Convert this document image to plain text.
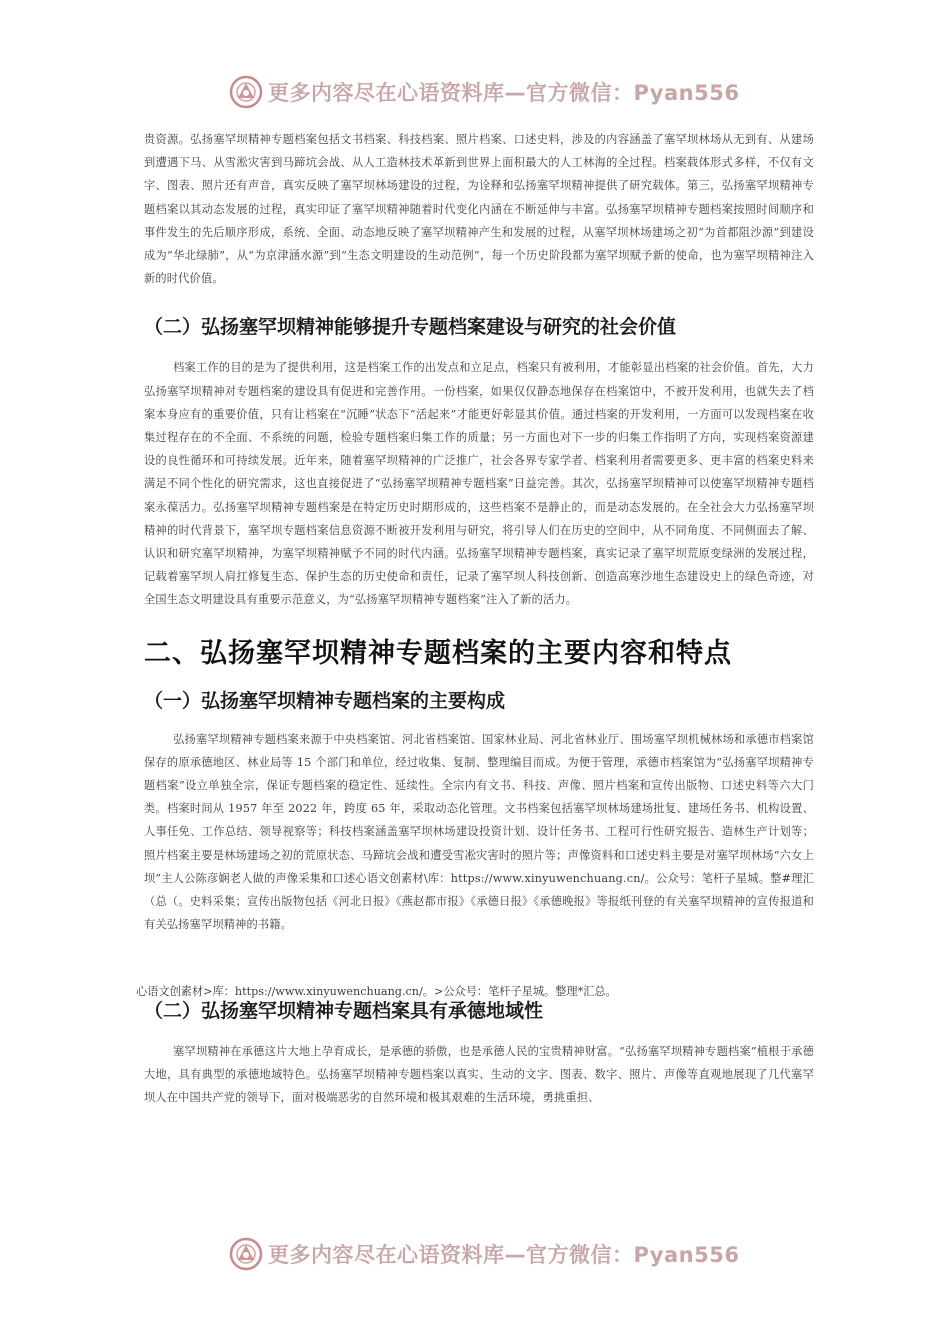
更多内容尽在心语资料库—官方微信：Pyan556

贵资源。弘扬塞罕坝精神专题档案包括文书档案、科技档案、照片档案、口述史料，涉及的内容涵盖了塞罕坝林场从无到有、从建场到遭遇下马、从雪淞灾害到马蹄坑会战、从人工造林技术革新到世界上面积最大的人工林海的全过程。档案载体形式多样，不仅有文字、图表、照片还有声音，真实反映了塞罕坝林场建设的过程，为诠释和弘扬塞罕坝精神提供了研究载体。第三，弘扬塞罕坝精神专题档案以其动态发展的过程，真实印证了塞罕坝精神随着时代变化内涵在不断延伸与丰富。弘扬塞罕坝精神专题档案按照时间顺序和事件发生的先后顺序形成，系统、全面、动态地反映了塞罕坝精神产生和发展的过程，从塞罕坝林场建场之初“为首都阻沙源”到建设成为“华北绿肺”，从“为京津涵水源”到“生态文明建设的生动范例”，每一个历史阶段都为塞罕坝赋予新的使命，也为塞罕坝精神注入新的时代价值。

（二）弘扬塞罕坝精神能够提升专题档案建设与研究的社会价值

档案工作的目的是为了提供利用，这是档案工作的出发点和立足点，档案只有被利用，才能彰显出档案的社会价值。首先，大力弘扬塞罕坝精神对专题档案的建设具有促进和完善作用。一份档案，如果仅仅静态地保存在档案馆中，不被开发利用，也就失去了档案本身应有的重要价值，只有让档案在“沉睡”状态下“活起来”才能更好彰显其价值。通过档案的开发利用，一方面可以发现档案在收集过程存在的不全面、不系统的问题，检验专题档案归集工作的质量；另一方面也对下一步的归集工作指明了方向，实现档案资源建设的良性循环和可持续发展。近年来，随着塞罕坝精神的广泛推广，社会各界专家学者、档案利用者需要更多、更丰富的档案史料来满足不同个性化的研究需求，这也直接促进了“弘扬塞罕坝精神专题档案”日益完善。其次，弘扬塞罕坝精神可以使塞罕坝精神专题档案永葆活力。弘扬塞罕坝精神专题档案是在特定历史时期形成的，这些档案不是静止的，而是动态发展的。在全社会大力弘扬塞罕坝精神的时代背景下，塞罕坝专题档案信息资源不断被开发利用与研究，将引导人们在历史的空间中，从不同角度、不同侧面去了解、认识和研究塞罕坝精神，为塞罕坝精神赋予不同的时代内涵。弘扬塞罕坝精神专题档案，真实记录了塞罕坝荒原变绿洲的发展过程，记载着塞罕坝人肩扛修复生态、保护生态的历史使命和责任，记录了塞罕坝人科技创新、创造高寒沙地生态建设史上的绿色奇迹，对全国生态文明建设具有重要示范意义，为“弘扬塞罕坝精神专题档案”注入了新的活力。

二、弘扬塞罕坝精神专题档案的主要内容和特点

（一）弘扬塞罕坝精神专题档案的主要构成

弘扬塞罕坝精神专题档案来源于中央档案馆、河北省档案馆、国家林业局、河北省林业厅、围场塞罕坝机械林场和承德市档案馆保存的原承德地区、林业局等 15 个部门和单位，经过收集、复制、整理编目而成。为便于管理，承德市档案馆为“弘扬塞罕坝精神专题档案”设立单独全宗，保证专题档案的稳定性、延续性。全宗内有文书、科技、声像、照片档案和宣传出版物、口述史料等六大门类。档案时间从 1957 年至 2022 年，跨度 65 年，采取动态化管理。文书档案包括塞罕坝林场建场批复、建场任务书、机构设置、人事任免、工作总结、领导视察等；科技档案涵盖塞罕坝林场建设投资计划、设计任务书、工程可行性研究报告、造林生产计划等；照片档案主要是林场建场之初的荒原状态、马蹄坑会战和遭受雪凇灾害时的照片等；声像资料和口述史料主要是对塞罕坝林场“六女上坝”主人公陈彦娴老人做的声像采集和口述心语文创素材\库：https://www.xinyuwenchuang.cn/。公众号：笔杆子星城。整#理汇（总（。史料采集；宣传出版物包括《河北日报》《燕赵都市报》《承德日报》《承德晚报》等报纸刊登的有关塞罕坝精神的宣传报道和有关弘扬塞罕坝精神的书籍。

心语文创素材>库：https://www.xinyuwenchuang.cn/。>公众号：笔杆子星城。整理*汇总。

（二）弘扬塞罕坝精神专题档案具有承德地域性

塞罕坝精神在承德这片大地上孕育成长，是承德的骄傲，也是承德人民的宝贵精神财富。“弘扬塞罕坝精神专题档案”植根于承德大地，具有典型的承德地域特色。弘扬塞罕坝精神专题档案以真实、生动的文字、图表、数字、照片、声像等直观地展现了几代塞罕坝人在中国共产党的领导下，面对极端恶劣的自然环境和极其艰难的生活环境，勇挑重担、

更多内容尽在心语资料库—官方微信：Pyan556
